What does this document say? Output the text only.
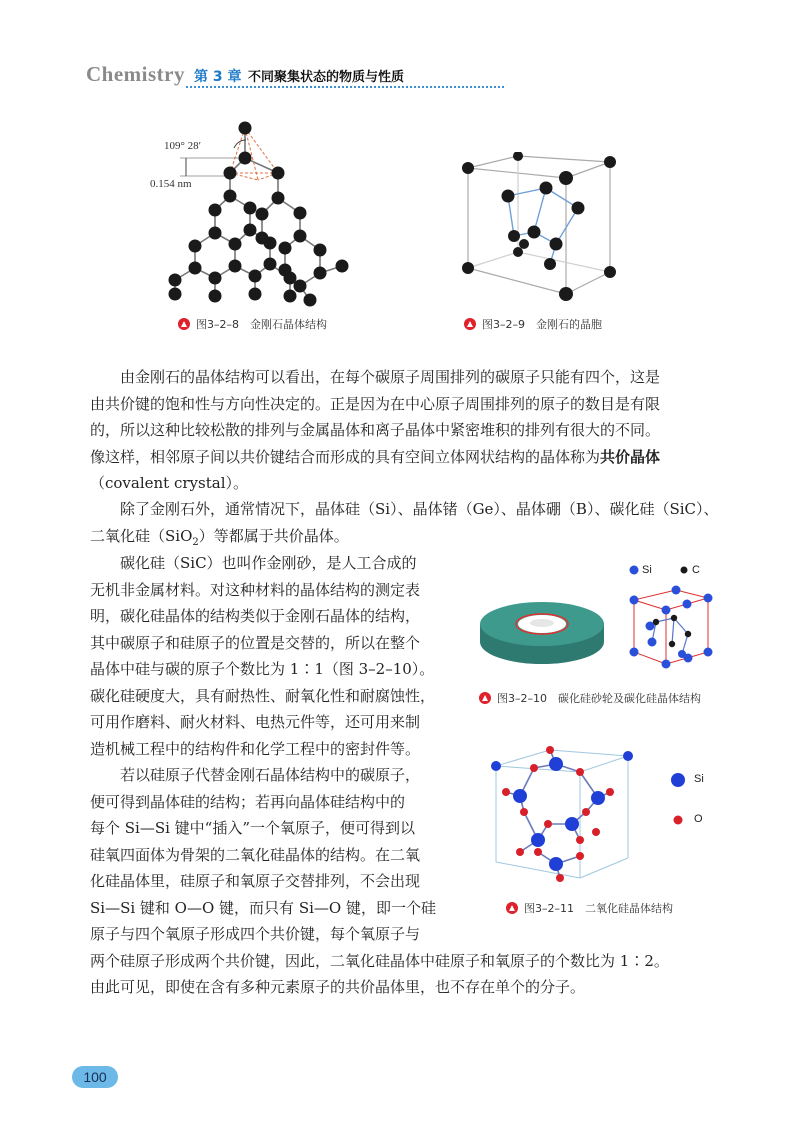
Chemistry 第 3 章 不同聚集状态的物质与性质
109° 28′
0.154 nm
图3–2–8　金刚石晶体结构	图3–2–9　金刚石的晶胞
由金刚石的晶体结构可以看出，在每个碳原子周围排列的碳原子只能有四个，这是
由共价键的饱和性与方向性决定的。正是因为在中心原子周围排列的原子的数目是有限
的，所以这种比较松散的排列与金属晶体和离子晶体中紧密堆积的排列有很大的不同。
像这样，相邻原子间以共价键结合而形成的具有空间立体网状结构的晶体称为共价晶体
（covalent crystal）。
除了金刚石外，通常情况下，晶体硅（Si）、晶体锗（Ge）、晶体硼（B）、碳化硅（SiC）、
二氧化硅（SiO$_2$）等都属于共价晶体。
碳化硅（SiC）也叫作金刚砂，是人工合成的
无机非金属材料。对这种材料的晶体结构的测定表
明，碳化硅晶体的结构类似于金刚石晶体的结构，
其中碳原子和硅原子的位置是交替的，所以在整个
晶体中硅与碳的原子个数比为 1∶1（图 3–2–10）。
碳化硅硬度大，具有耐热性、耐氧化性和耐腐蚀性，
可用作磨料、耐火材料、电热元件等，还可用来制
造机械工程中的结构件和化学工程中的密封件等。
Si	C
图3–2–10　碳化硅砂轮及碳化硅晶体结构
若以硅原子代替金刚石晶体结构中的碳原子，
便可得到晶体硅的结构；若再向晶体硅结构中的
每个 Si—Si 键中“插入”一个氧原子，便可得到以
硅氧四面体为骨架的二氧化硅晶体的结构。在二氧
化硅晶体里，硅原子和氧原子交替排列，不会出现
Si—Si 键和 O—O 键，而只有 Si—O 键，即一个硅
原子与四个氧原子形成四个共价键，每个氧原子与
两个硅原子形成两个共价键，因此，二氧化硅晶体中硅原子和氧原子的个数比为 1∶2。
由此可见，即使在含有多种元素原子的共价晶体里，也不存在单个的分子。
Si
O
图3–2–11　二氧化硅晶体结构
100
